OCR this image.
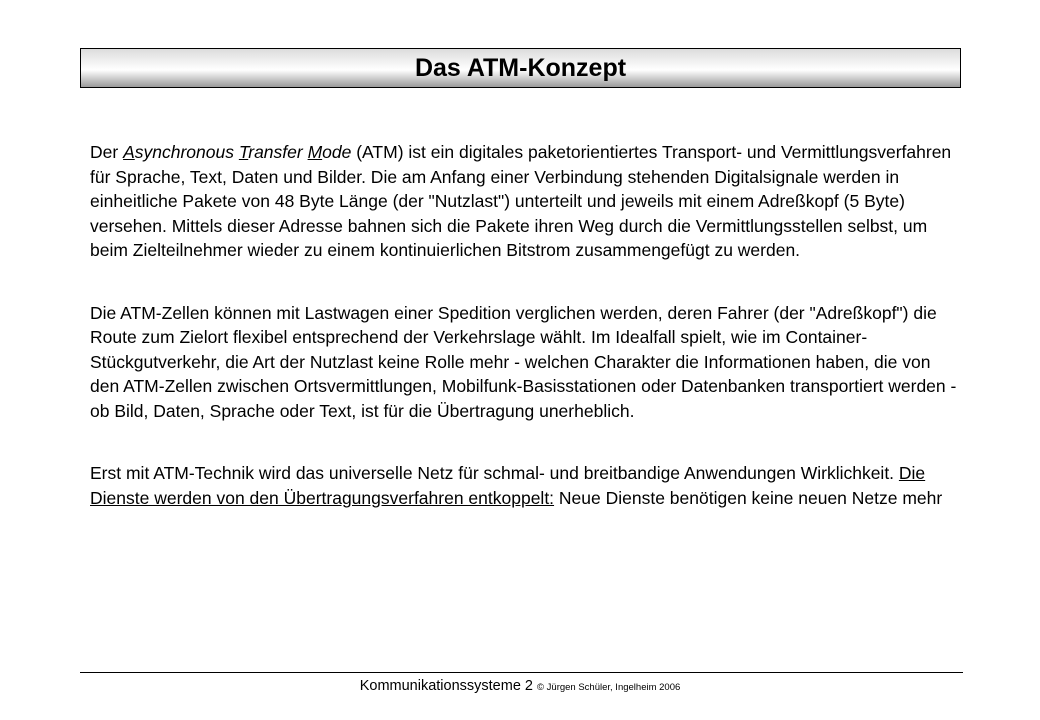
Das ATM-Konzept

Der Asynchronous Transfer Mode (ATM) ist ein digitales paketorientiertes Transport- und Vermittlungsverfahren für Sprache, Text, Daten und Bilder. Die am Anfang einer Verbindung stehenden Digitalsignale werden in einheitliche Pakete von 48 Byte Länge (der "Nutzlast") unterteilt und jeweils mit einem Adreßkopf (5 Byte) versehen. Mittels dieser Adresse bahnen sich die Pakete ihren Weg durch die Vermittlungsstellen selbst, um beim Zielteilnehmer wieder zu einem kontinuierlichen Bitstrom zusammengefügt zu werden.

Die ATM-Zellen können mit Lastwagen einer Spedition verglichen werden, deren Fahrer (der "Adreßkopf") die Route zum Zielort flexibel entsprechend der Verkehrslage wählt. Im Idealfall spielt, wie im Container-Stückgutverkehr, die Art der Nutzlast keine Rolle mehr - welchen Charakter die Informationen haben, die von den ATM-Zellen zwischen Ortsvermittlungen, Mobilfunk-Basisstationen oder Datenbanken transportiert werden - ob Bild, Daten, Sprache oder Text, ist für die Übertragung unerheblich.

Erst mit ATM-Technik wird das universelle Netz für schmal- und breitbandige Anwendungen Wirklichkeit. Die Dienste werden von den Übertragungsverfahren entkoppelt: Neue Dienste benötigen keine neuen Netze mehr

Kommunikationssysteme 2 © Jürgen Schüler, Ingelheim 2006
